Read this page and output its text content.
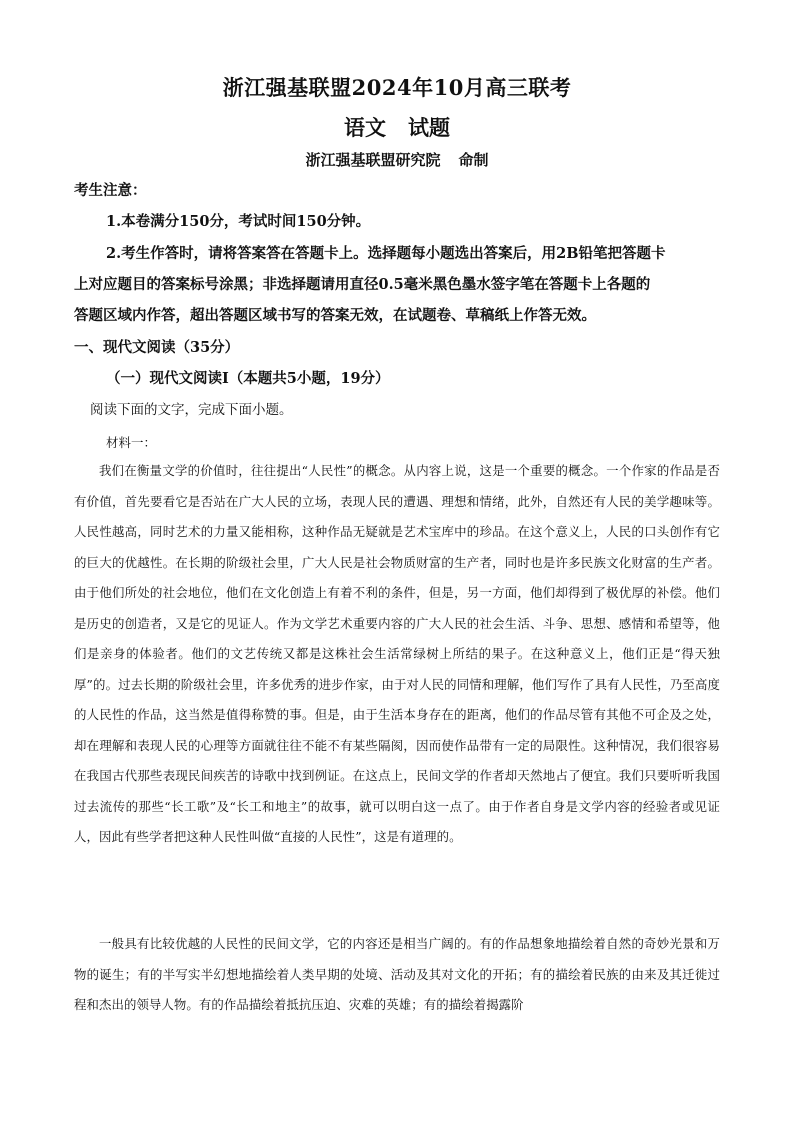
浙江强基联盟2024年10月高三联考
语文 试题
浙江强基联盟研究院 命制

考生注意：

1.本卷满分150分，考试时间150分钟。

2.考生作答时，请将答案答在答题卡上。选择题每小题选出答案后，用2B铅笔把答题卡

上对应题目的答案标号涂黑；非选择题请用直径0.5毫米黑色墨水签字笔在答题卡上各题的

答题区域内作答，超出答题区域书写的答案无效，在试题卷、草稿纸上作答无效。

一、现代文阅读（35分）

（一）现代文阅读Ⅰ（本题共5小题，19分）

阅读下面的文字，完成下面小题。

材料一：

我们在衡量文学的价值时，往往提出“人民性”的概念。从内容上说，这是一个重要的概念。一个作家的作品是否有价值，首先要看它是否站在广大人民的立场，表现人民的遭遇、理想和情绪，此外，自然还有人民的美学趣味等。人民性越高，同时艺术的力量又能相称，这种作品无疑就是艺术宝库中的珍品。在这个意义上，人民的口头创作有它的巨大的优越性。在长期的阶级社会里，广大人民是社会物质财富的生产者，同时也是许多民族文化财富的生产者。由于他们所处的社会地位，他们在文化创造上有着不利的条件，但是，另一方面，他们却得到了极优厚的补偿。他们是历史的创造者，又是它的见证人。作为文学艺术重要内容的广大人民的社会生活、斗争、思想、感情和希望等，他们是亲身的体验者。他们的文艺传统又都是这株社会生活常绿树上所结的果子。在这种意义上，他们正是“得天独厚”的。过去长期的阶级社会里，许多优秀的进步作家，由于对人民的同情和理解，他们写作了具有人民性，乃至高度的人民性的作品，这当然是值得称赞的事。但是，由于生活本身存在的距离，他们的作品尽管有其他不可企及之处，却在理解和表现人民的心理等方面就往往不能不有某些隔阂，因而使作品带有一定的局限性。这种情况，我们很容易在我国古代那些表现民间疾苦的诗歌中找到例证。在这点上，民间文学的作者却天然地占了便宜。我们只要听听我国过去流传的那些“长工歌”及“长工和地主”的故事，就可以明白这一点了。由于作者自身是文学内容的经验者或见证人，因此有些学者把这种人民性叫做“直接的人民性”，这是有道理的。

一般具有比较优越的人民性的民间文学，它的内容还是相当广阔的。有的作品想象地描绘着自然的奇妙光景和万物的诞生；有的半写实半幻想地描绘着人类早期的处境、活动及其对文化的开拓；有的描绘着民族的由来及其迁徙过程和杰出的领导人物。有的作品描绘着抵抗压迫、灾难的英雄；有的描绘着揭露阶
